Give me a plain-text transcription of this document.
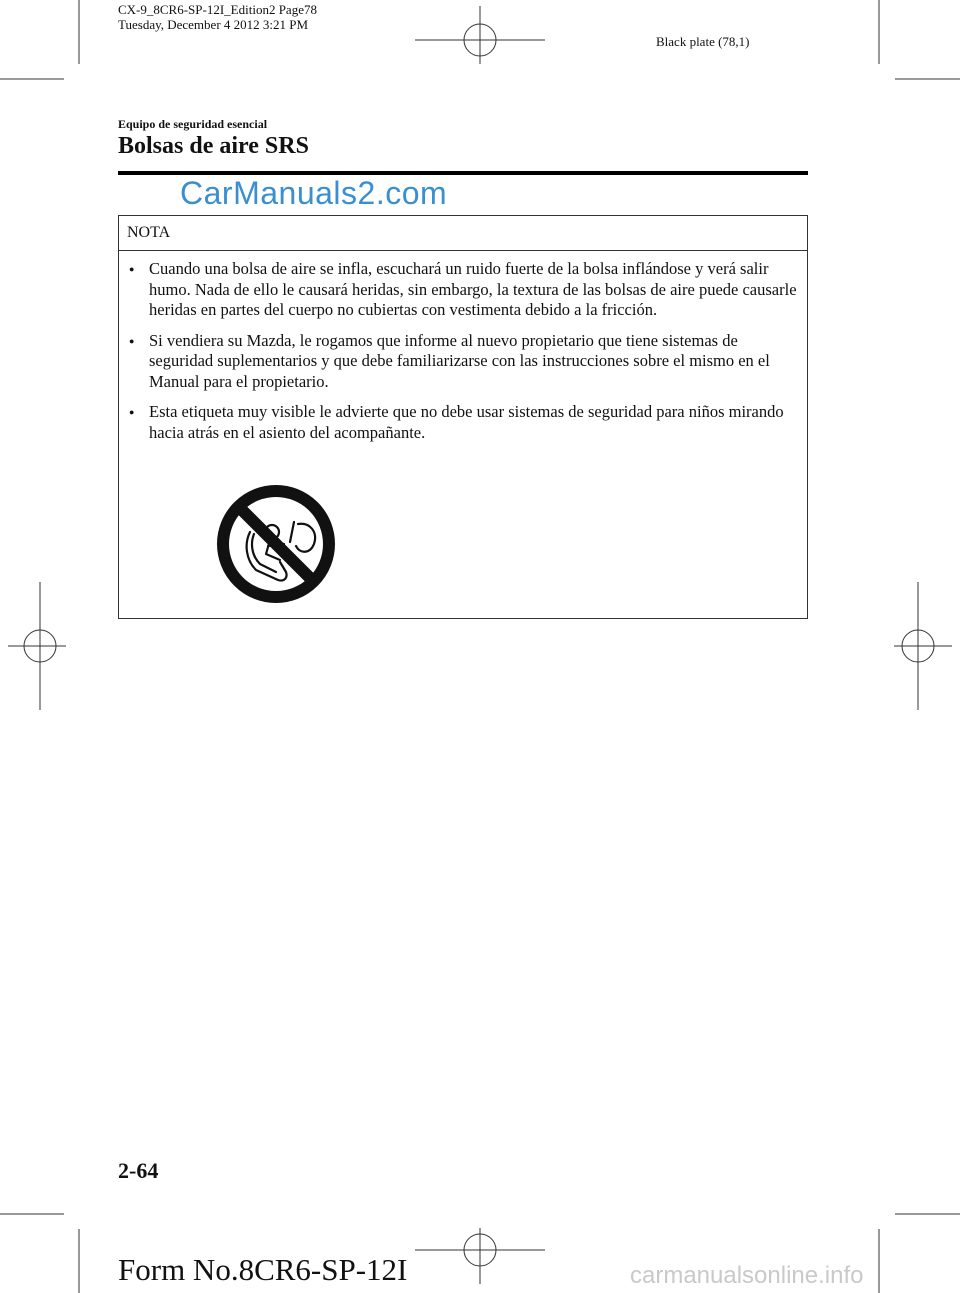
CX-9_8CR6-SP-12I_Edition2 Page78
Tuesday, December 4 2012 3:21 PM
Black plate (78,1)
Equipo de seguridad esencial
Bolsas de aire SRS
CarManuals2.com
NOTA
● Cuando una bolsa de aire se infla, escuchará un ruido fuerte de la bolsa inflándose y verá salir humo. Nada de ello le causará heridas, sin embargo, la textura de las bolsas de aire puede causarle heridas en partes del cuerpo no cubiertas con vestimenta debido a la fricción.
● Si vendiera su Mazda, le rogamos que informe al nuevo propietario que tiene sistemas de seguridad suplementarios y que debe familiarizarse con las instrucciones sobre el mismo en el Manual para el propietario.
● Esta etiqueta muy visible le advierte que no debe usar sistemas de seguridad para niños mirando hacia atrás en el asiento del acompañante.
2-64
Form No.8CR6-SP-12I	carmanualsonline.info
